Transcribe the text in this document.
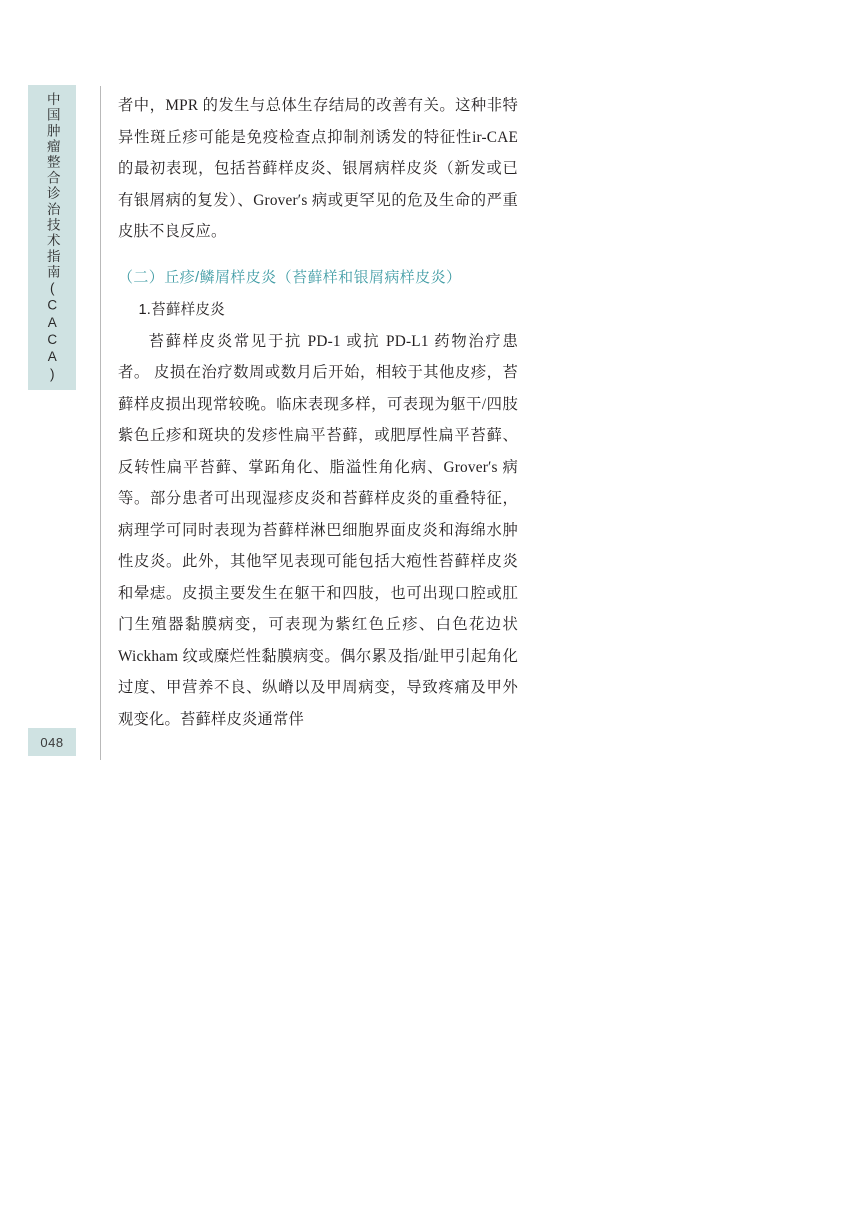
中国肿瘤整合诊治技术指南(CACA)
048

者中，MPR 的发生与总体生存结局的改善有关。这种非特异性斑丘疹可能是免疫检查点抑制剂诱发的特征性ir-CAE 的最初表现，包括苔藓样皮炎、银屑病样皮炎（新发或已有银屑病的复发）、Grover′s 病或更罕见的危及生命的严重皮肤不良反应。

（二）丘疹/鳞屑样皮炎（苔藓样和银屑病样皮炎）

1.苔藓样皮炎

苔藓样皮炎常见于抗 PD-1 或抗 PD-L1 药物治疗患者。 皮损在治疗数周或数月后开始，相较于其他皮疹，苔藓样皮损出现常较晚。临床表现多样，可表现为躯干/四肢紫色丘疹和斑块的发疹性扁平苔藓，或肥厚性扁平苔藓、反转性扁平苔藓、掌跖角化、脂溢性角化病、Grover′s 病等。部分患者可出现湿疹皮炎和苔藓样皮炎的重叠特征，病理学可同时表现为苔藓样淋巴细胞界面皮炎和海绵水肿性皮炎。此外，其他罕见表现可能包括大疱性苔藓样皮炎和晕痣。皮损主要发生在躯干和四肢，也可出现口腔或肛门生殖器黏膜病变，可表现为紫红色丘疹、白色花边状 Wickham 纹或糜烂性黏膜病变。偶尔累及指/趾甲引起角化过度、甲营养不良、纵嵴以及甲周病变，导致疼痛及甲外观变化。苔藓样皮炎通常伴
